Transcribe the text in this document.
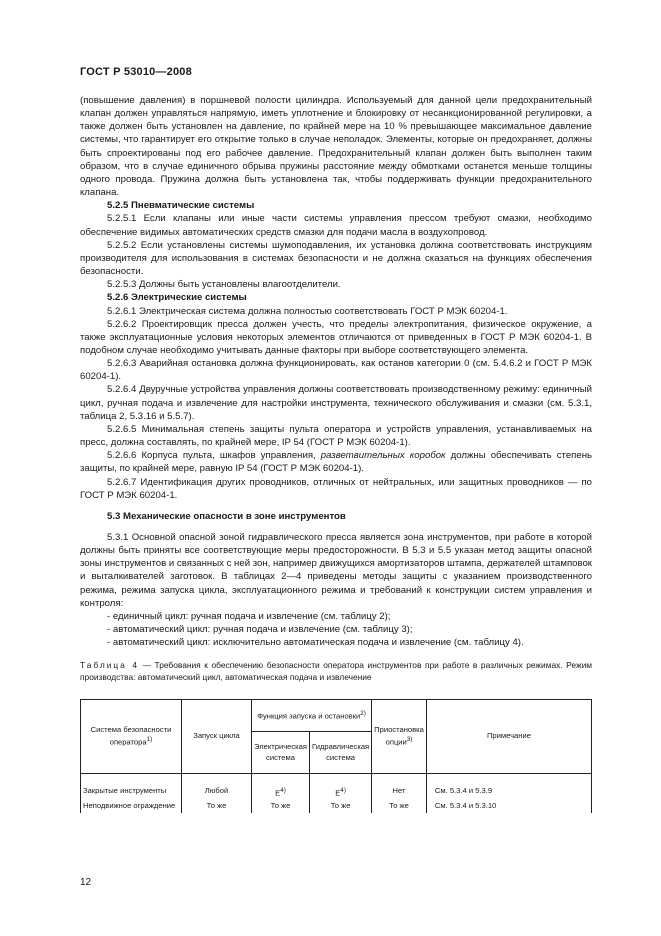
ГОСТ Р 53010—2008

(повышение давления) в поршневой полости цилиндра. Используемый для данной цели предохранительный клапан должен управляться напрямую, иметь уплотнение и блокировку от несанкционированной регулировки, а также должен быть установлен на давление, по крайней мере на 10 % превышающее максимальное давление системы, что гарантирует его открытие только в случае неполадок. Элементы, которые он предохраняет, должны быть спроектированы под его рабочее давление. Предохранительный клапан должен быть выполнен таким образом, что в случае единичного обрыва пружины расстояние между обмотками останется меньше толщины одного провода. Пружина должна быть установлена так, чтобы поддерживать функции предохранительного клапана.

5.2.5 Пневматические системы

5.2.5.1 Если клапаны или иные части системы управления прессом требуют смазки, необходимо обеспечение видимых автоматических средств смазки для подачи масла в воздухопровод.

5.2.5.2 Если установлены системы шумоподавления, их установка должна соответствовать инструкциям производителя для использования в системах безопасности и не должна сказаться на функциях обеспечения безопасности.

5.2.5.3 Должны быть установлены влагоотделители.

5.2.6 Электрические системы

5.2.6.1 Электрическая система должна полностью соответствовать ГОСТ Р МЭК 60204-1.

5.2.6.2 Проектировщик пресса должен учесть, что пределы электропитания, физическое окружение, а также эксплуатационные условия некоторых элементов отличаются от приведенных в ГОСТ Р МЭК 60204-1. В подобном случае необходимо учитывать данные факторы при выборе соответствующего элемента.

5.2.6.3 Аварийная остановка должна функционировать, как останов категории 0 (см. 5.4.6.2 и ГОСТ Р МЭК 60204-1).

5.2.6.4 Двуручные устройства управления должны соответствовать производственному режиму: единичный цикл, ручная подача и извлечение для настройки инструмента, технического обслуживания и смазки (см. 5.3.1, таблица 2, 5.3.16 и 5.5.7).

5.2.6.5 Минимальная степень защиты пульта оператора и устройств управления, устанавливаемых на пресс, должна составлять, по крайней мере, IP 54 (ГОСТ Р МЭК 60204-1).

5.2.6.6 Корпуса пульта, шкафов управления, разветвительных коробок должны обеспечивать степень защиты, по крайней мере, равную IP 54 (ГОСТ Р МЭК 60204-1).

5.2.6.7 Идентификация других проводников, отличных от нейтральных, или защитных проводников — по ГОСТ Р МЭК 60204-1.

5.3 Механические опасности в зоне инструментов

5.3.1 Основной опасной зоной гидравлического пресса является зона инструментов, при работе в которой должны быть приняты все соответствующие меры предосторожности. В 5.3 и 5.5 указан метод защиты опасной зоны инструментов и связанных с ней зон, например движущихся амортизаторов штампа, держателей штамповок и выталкивателей заготовок. В таблицах 2—4 приведены методы защиты с указанием производственного режима, режима запуска цикла, эксплуатационного режима и требований к конструкции систем управления и контроля:

- единичный цикл: ручная подача и извлечение (см. таблицу 2);

- автоматический цикл: ручная подача и извлечение (см. таблицу 3);

- автоматический цикл: исключительно автоматическая подача и извлечение (см. таблицу 4).

Таблица 4 — Требования к обеспечению безопасности оператора инструментов при работе в различных режимах. Режим производства: автоматический цикл, автоматическая подача и извлечение

Система безопасности оператора$^{1)}$	Запуск цикла	Функция запуска и остановки$^{2)}$		Приостановка опции$^{3)}$	Примечание
		Электрическая система	Гидравлическая система		
Закрытые инструменты	Любой	$E^{4)}$	$E^{4)}$	Нет	См. 5.3.4 и 5.3.9
Неподвижное ограждение	То же	То же	То же	То же	См. 5.3.4 и 5.3.10
12
